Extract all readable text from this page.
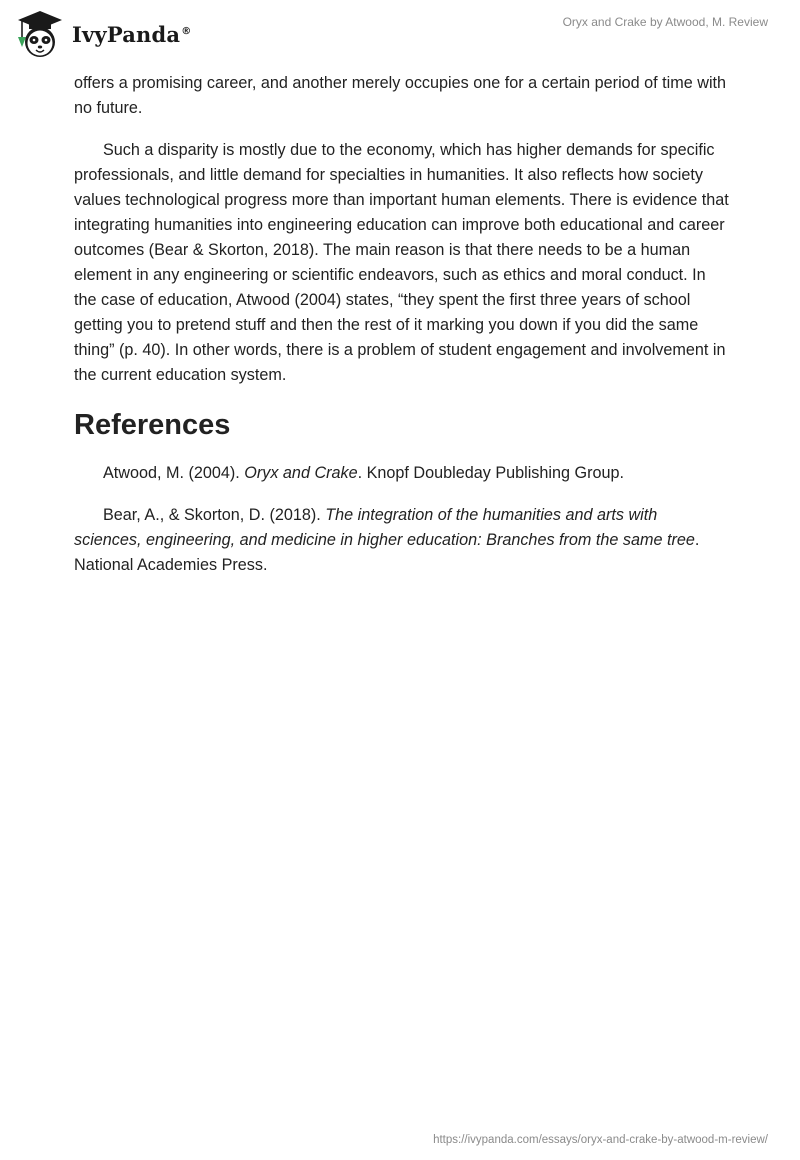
IvyPanda®
Oryx and Crake by Atwood, M. Review

offers a promising career, and another merely occupies one for a certain period of time with no future.

Such a disparity is mostly due to the economy, which has higher demands for specific professionals, and little demand for specialties in humanities. It also reflects how society values technological progress more than important human elements. There is evidence that integrating humanities into engineering education can improve both educational and career outcomes (Bear & Skorton, 2018). The main reason is that there needs to be a human element in any engineering or scientific endeavors, such as ethics and moral conduct. In the case of education, Atwood (2004) states, “they spent the first three years of school getting you to pretend stuff and then the rest of it marking you down if you did the same thing” (p. 40). In other words, there is a problem of student engagement and involvement in the current education system.

References

Atwood, M. (2004). Oryx and Crake. Knopf Doubleday Publishing Group.

Bear, A., & Skorton, D. (2018). The integration of the humanities and arts with sciences, engineering, and medicine in higher education: Branches from the same tree. National Academies Press.

https://ivypanda.com/essays/oryx-and-crake-by-atwood-m-review/
